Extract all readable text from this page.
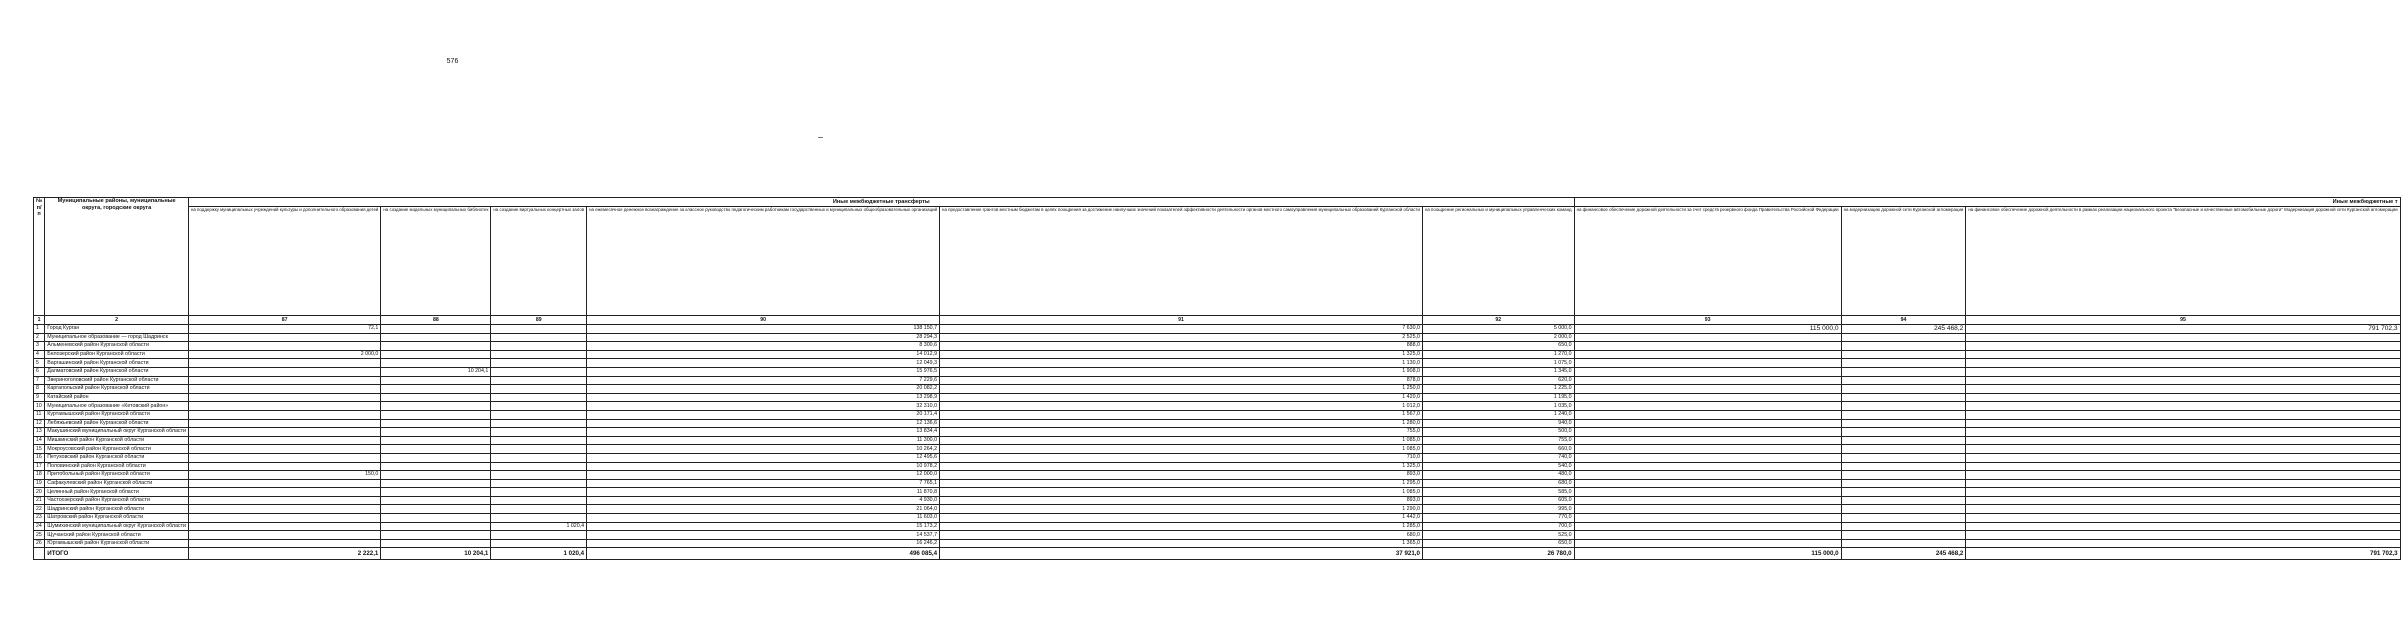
576
№ п/п	Муниципальные районы, муниципальные округа, городские округа	Иные межбюджетные трансферты						Иные межбюджетные т		
		на поддержку муниципальных учреждений культуры и дополнительного образования детей	на создание модельных муниципальных библиотек	на создание виртуальных концертных залов	на ежемесячное денежное вознаграждение за классное руководство педагогическим работникам государственных и муниципальных общеобразовательных организаций	на предоставление грантов местным бюджетам в целях поощрения за достижение наилучших значений показателей эффективности деятельности органов местного самоуправления муниципальных образований Курганской области	на поощрение региональных и муниципальных управленческих команд	на финансовое обеспечение дорожной деятельности за счет средств резервного фонда Правительства Российской Федерации	на модернизацию дорожной сети Курганской агломерации	на финансовое обеспечение дорожной деятельности в рамках реализации национального проекта "Безопасные и качественные автомобильные дороги" Модернизация дорожной сети Курганской агломерации
1	2	87	88	89	90	91	92	93	94	95
1	Город Курган	72,1			138 150,7	7 630,0	5 000,0	115 000,0	245 468,2	791 702,3
2	Муниципальное образование — город Шадринск				28 294,3	2 525,0	2 000,0			
3	Альменевский район Курганской области				8 300,6	888,0	650,0			
4	Белозерский район Курганской области	2 000,0			14 012,9	1 325,0	1 270,0			
5	Варгашинский район Курганской области				12 049,3	1 130,0	1 075,0			
6	Далматовский район Курганской области		10 204,1		15 976,5	1 908,0	1 345,0			
7	Звериноголовский район Курганской области				7 229,6	878,0	620,0			
8	Каргапольский район Курганской области				20 082,2	1 250,0	1 225,0			
9	Катайский район				13 298,9	1 420,0	1 195,0			
10	Муниципальное образование «Кетовский район»				32 310,0	1 012,0	1 035,0			
11	Куртамышский район Курганской области				20 171,4	1 567,0	1 240,0			
12	Лебяжьевский район Курганской области				12 136,6	1 280,0	940,0			
13	Макушинский муниципальный округ Курганской области				13 834,4	755,0	500,0			
14	Мишкинский район Курганской области				11 300,0	1 085,0	755,0			
15	Мокроусовский район Курганской области				10 264,2	1 085,0	660,0			
16	Петуховский район Курганской области				12 495,6	710,0	740,0			
17	Половинский район Курганской области				10 978,2	1 325,0	540,0			
18	Притобольный район Курганской области	150,0			12 000,0	893,0	480,0			
19	Сафакулевский район Курганской области				7 765,1	1 295,0	680,0			
20	Целинный район Курганской области				11 870,8	1 085,0	585,0			
21	Частоозерский район Курганской области				4 930,0	893,0	605,0			
22	Шадринский район Курганской области				21 064,0	1 290,0	995,0			
23	Шатровский район Курганской области				11 603,0	1 442,0	770,0			
24	Шумихинский муниципальный округ Курганской области			1 020,4	15 173,2	1 285,0	700,0			
25	Щучанский район Курганской области				14 537,7	680,0	525,0			
26	Юргамышский район Курганской области				16 246,2	1 365,0	650,0			
	ИТОГО	2 222,1	10 204,1	1 020,4	496 085,4	37 921,0	26 780,0	115 000,0	245 468,2	791 702,3
